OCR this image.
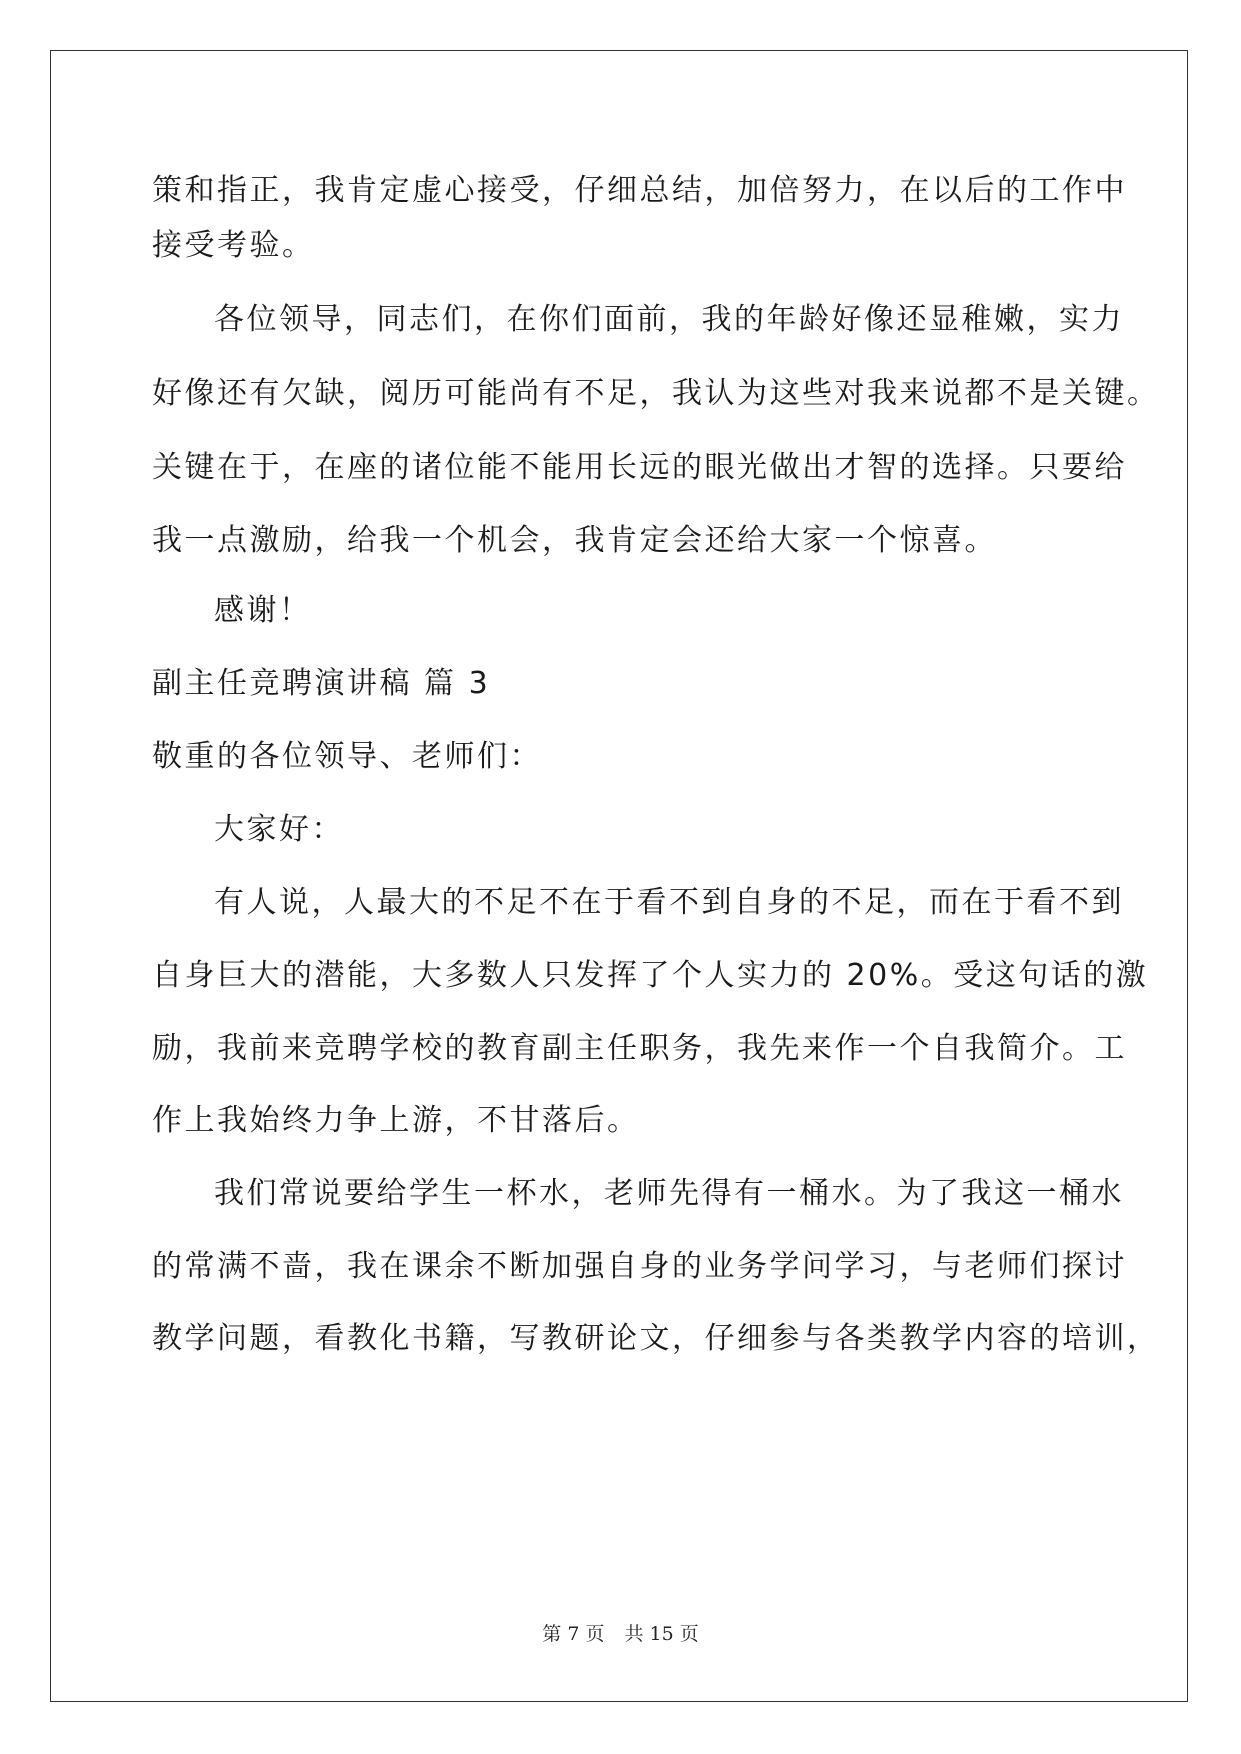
策和指正，我肯定虚心接受，仔细总结，加倍努力，在以后的工作中
接受考验。
各位领导，同志们，在你们面前，我的年龄好像还显稚嫩，实力
好像还有欠缺，阅历可能尚有不足，我认为这些对我来说都不是关键。
关键在于，在座的诸位能不能用长远的眼光做出才智的选择。只要给
我一点激励，给我一个机会，我肯定会还给大家一个惊喜。
感谢！
副主任竞聘演讲稿 篇 3
敬重的各位领导、老师们：
大家好：
有人说，人最大的不足不在于看不到自身的不足，而在于看不到
自身巨大的潜能，大多数人只发挥了个人实力的 20%。受这句话的激
励，我前来竞聘学校的教育副主任职务，我先来作一个自我简介。工
作上我始终力争上游，不甘落后。
我们常说要给学生一杯水，老师先得有一桶水。为了我这一桶水
的常满不啬，我在课余不断加强自身的业务学问学习，与老师们探讨
教学问题，看教化书籍，写教研论文，仔细参与各类教学内容的培训，
第 7 页 共 15 页
